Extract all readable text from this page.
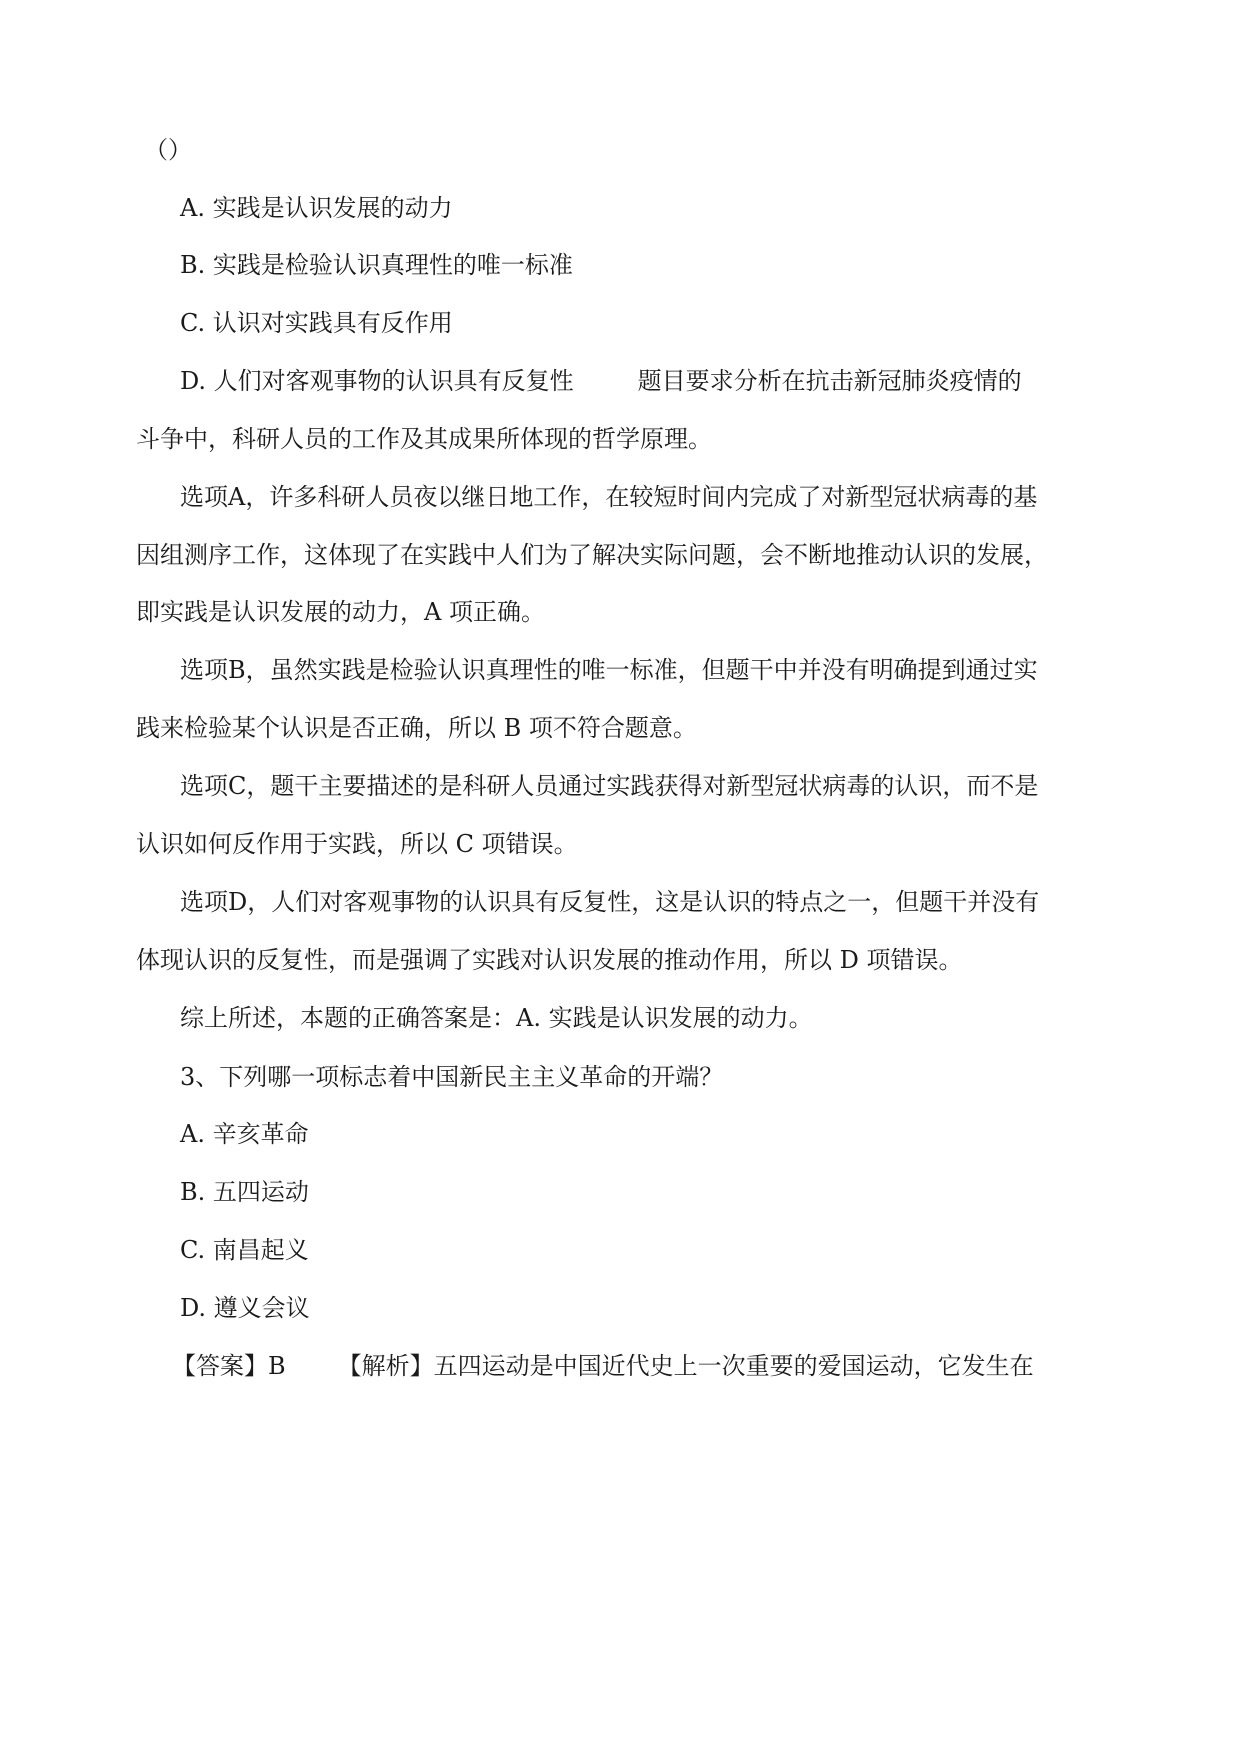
（）
A. 实践是认识发展的动力
B. 实践是检验认识真理性的唯一标准
C. 认识对实践具有反作用
D. 人们对客观事物的认识具有反复性	题目要求分析在抗击新冠肺炎疫情的
斗争中，科研人员的工作及其成果所体现的哲学原理。
选项A，许多科研人员夜以继日地工作，在较短时间内完成了对新型冠状病毒的基
因组测序工作，这体现了在实践中人们为了解决实际问题，会不断地推动认识的发展，
即实践是认识发展的动力，A 项正确。
选项B，虽然实践是检验认识真理性的唯一标准，但题干中并没有明确提到通过实
践来检验某个认识是否正确，所以 B 项不符合题意。
选项C，题干主要描述的是科研人员通过实践获得对新型冠状病毒的认识，而不是
认识如何反作用于实践，所以 C 项错误。
选项D，人们对客观事物的认识具有反复性，这是认识的特点之一，但题干并没有
体现认识的反复性，而是强调了实践对认识发展的推动作用，所以 D 项错误。
综上所述，本题的正确答案是：A. 实践是认识发展的动力。
3、下列哪一项标志着中国新民主主义革命的开端？
A. 辛亥革命
B. 五四运动
C. 南昌起义
D. 遵义会议
【答案】B 【解析】五四运动是中国近代史上一次重要的爱国运动，它发生在
